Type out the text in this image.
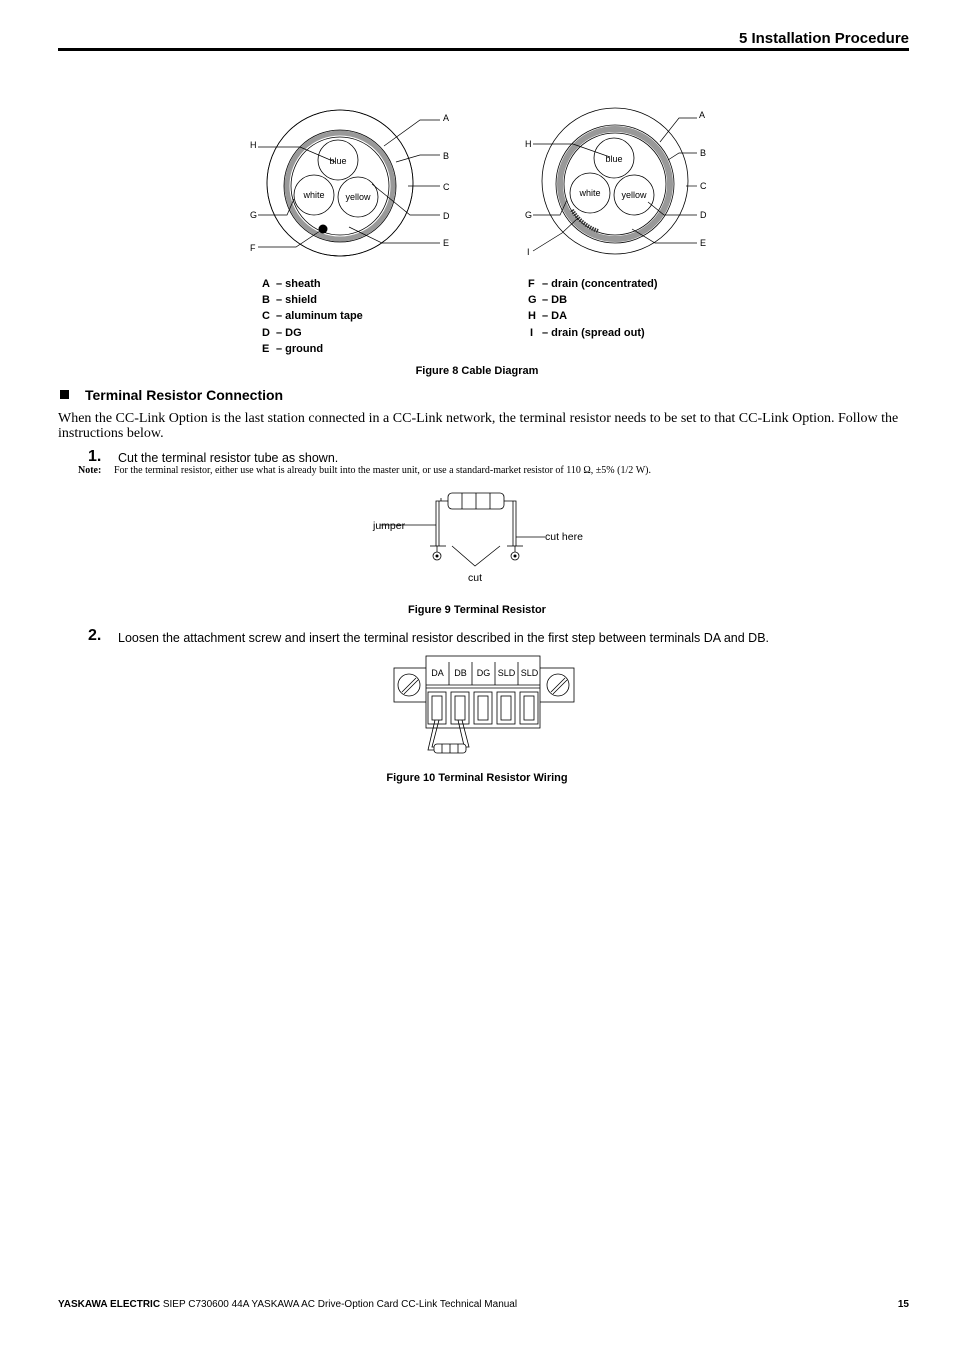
5 Installation Procedure
blue
white yellow
A
B
C
D
E
F
G
H
blue
white yellow
A
B
C
D
E
G
H
I
A – sheath
B – shield
C – aluminum tape
D – DG
E – ground
F – drain (concentrated)
G – DB
H – DA
I – drain (spread out)
Figure 8 Cable Diagram
Terminal Resistor Connection
When the CC-Link Option is the last station connected in a CC-Link network, the terminal resistor needs to be set to that CC-Link Option. Follow the instructions below.
1. Cut the terminal resistor tube as shown.
Note: For the terminal resistor, either use what is already built into the master unit, or use a standard-market resistor of 110 Ω, ±5% (1/2 W).
jumper
cut here
cut
Figure 9 Terminal Resistor
2. Loosen the attachment screw and insert the terminal resistor described in the first step between terminals DA and DB.
DA DB DG SLD SLD
Figure 10 Terminal Resistor Wiring
YASKAWA ELECTRIC SIEP C730600 44A YASKAWA AC Drive-Option Card CC-Link Technical Manual	15
